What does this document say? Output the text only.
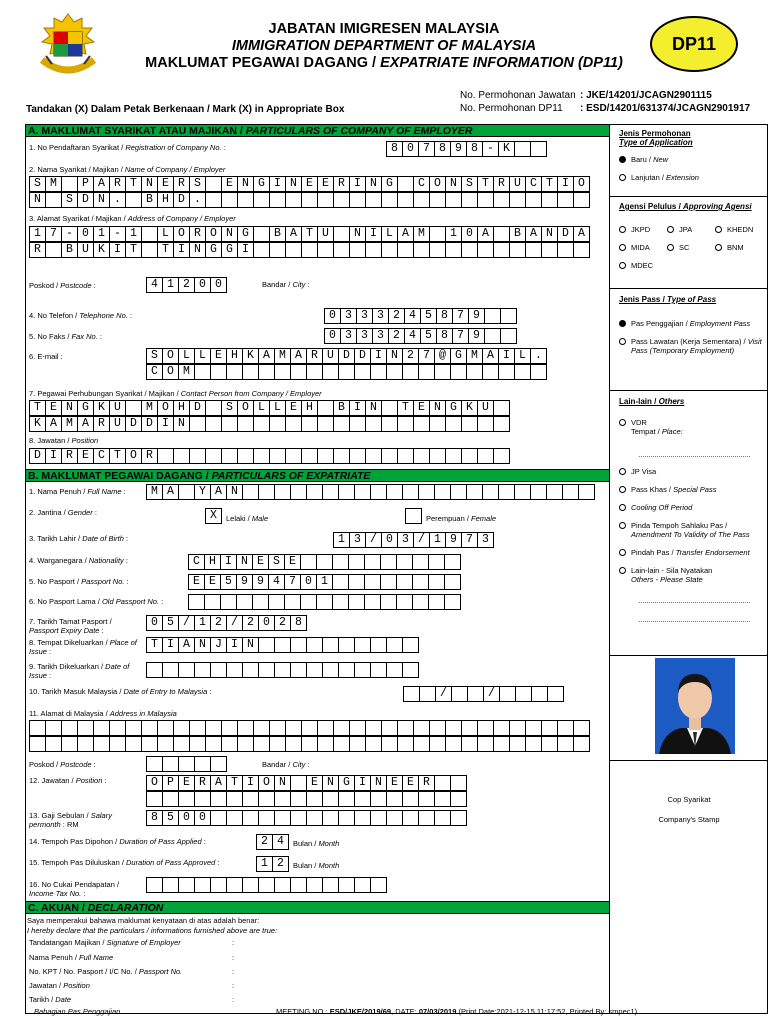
JABATAN IMIGRESEN MALAYSIA
IMMIGRATION DEPARTMENT OF MALAYSIA
MAKLUMAT PEGAWAI DAGANG / EXPATRIATE INFORMATION (DP11)
DP11
Tandakan (X) Dalam Petak Berkenaan / Mark (X) in Appropriate Box
No. Permohonan Jawatan : JKE/14201/JCAGN2901115
No. Permohonan DP11 : ESD/14201/631374/JCAGN2901917
A. MAKLUMAT SYARIKAT ATAU MAJIKAN / PARTICULARS OF COMPANY OF EMPLOYER
1. No Pendaftaran Syarikat / Registration of Company No. :	8 0 7 8 9 8 - K
2. Nama Syarikat / Majikan / Name of Company / Employer
S M	P A R T N E R S	E N G I N E E R I N G	C O N S T R U C T I O
N	S D N .	B H D .
3. Alamat Syarikat / Majikan / Address of Company / Employer
1 7 - 0 1 - 1	L O R O N G	B A T U	N I L A M	1 0 A	B A N D A
R	B U K I T	T I N G G I
Poskod / Postcode :	4 1 2 0 0	Bandar / City :
4. No Telefon / Telephone No. :	0 3 3 3 2 4 5 8 7 9
5. No Faks / Fax No. :	0 3 3 3 2 4 5 8 7 9
6. E-mail :	S O L L E H K A M A R U D D I N 2 7 @ G M A I L .
C O M
7. Pegawai Perhubungan Syarikat / Majikan / Contact Person from Company / Employer
T E N G K U	M O H D	S O L L E H	B I N	T E N G K U
K A M A R U D D I N
8. Jawatan / Position
D I R E C T O R
B. MAKLUMAT PEGAWAI DAGANG / PARTICULARS OF EXPATRIATE
1. Nama Penuh / Full Name :	M A	Y A N
2. Jantina / Gender :	X	Lelaki / Male	Perempuan / Female
3. Tarikh Lahir / Date of Birth :	1 3 / 0 3 / 1 9 7 3
4. Warganegara / Nationality :	C H I N E S E
5. No Pasport / Passport No. :	E E 5 9 9 4 7 0 1
6. No Pasport Lama / Old Passport No. :
7. Tarikh Tamat Pasport / Passport Expiry Date :
0 5 / 1 2 / 2 0 2 8
8. Tempat Dikeluarkan / Place of Issue :
T I A N J I N
9. Tarikh Dikeluarkan / Date of Issue :
10. Tarikh Masuk Malaysia / Date of Entry to Malaysia :	/	/
11. Alamat di Malaysia / Address in Malaysia
Poskod / Postcode :	Bandar / City :
12. Jawatan / Position :	O P E R A T I O N	E N G I N E E R
13. Gaji Sebulan / Salary permonth : RM
8 5 0 0
14. Tempoh Pas Dipohon / Duration of Pass Applied :	2 4	Bulan / Month
15. Tempoh Pas Diluluskan / Duration of Pass Approved :	1 2	Bulan / Month
16. No Cukai Pendapatan / Income Tax No. :
C. AKUAN / DECLARATION
Saya memperakui bahawa maklumat kenyataan di atas adalah benar:
I hereby declare that the particulars / informations furnished above are true:
Tandatangan Majikan / Signature of Employer	:
Nama Penuh / Full Name	:
No. KPT / No. Pasport / I/C No. / Passport No.	:
Jawatan / Position	:
Tarikh / Date	:
Jenis Permohonan
Type of Application
Baru / New
Lanjutan / Extension
Agensi Pelulus / Approving Agensi
JKPD	JPA	KHEDN
MIDA	SC	BNM
MDEC
Jenis Pass / Type of Pass
Pas Penggajian / Employment Pass
Pass Lawatan (Kerja Sementara) / Visit Pass (Temporary Employment)
Lain-lain / Others
VDR
Tempat / Place:
JP Visa
Pass Khas / Special Pass
Cooling Off Period
Pinda Tempoh Sahlaku Pas / Amendment To Validity of The Pass
Pindah Pas / Transfer Endorsement
Lain-lain - Sila Nyatakan
Others - Please State
Cop Syarikat
Company's Stamp
Bahagian Pas Penggajian	MEETING NO.: ESD/JKE/2019/69, DATE: 07/03/2019 (Print Date:2021-12-15 11:17:52, Printed By: smpec1)
